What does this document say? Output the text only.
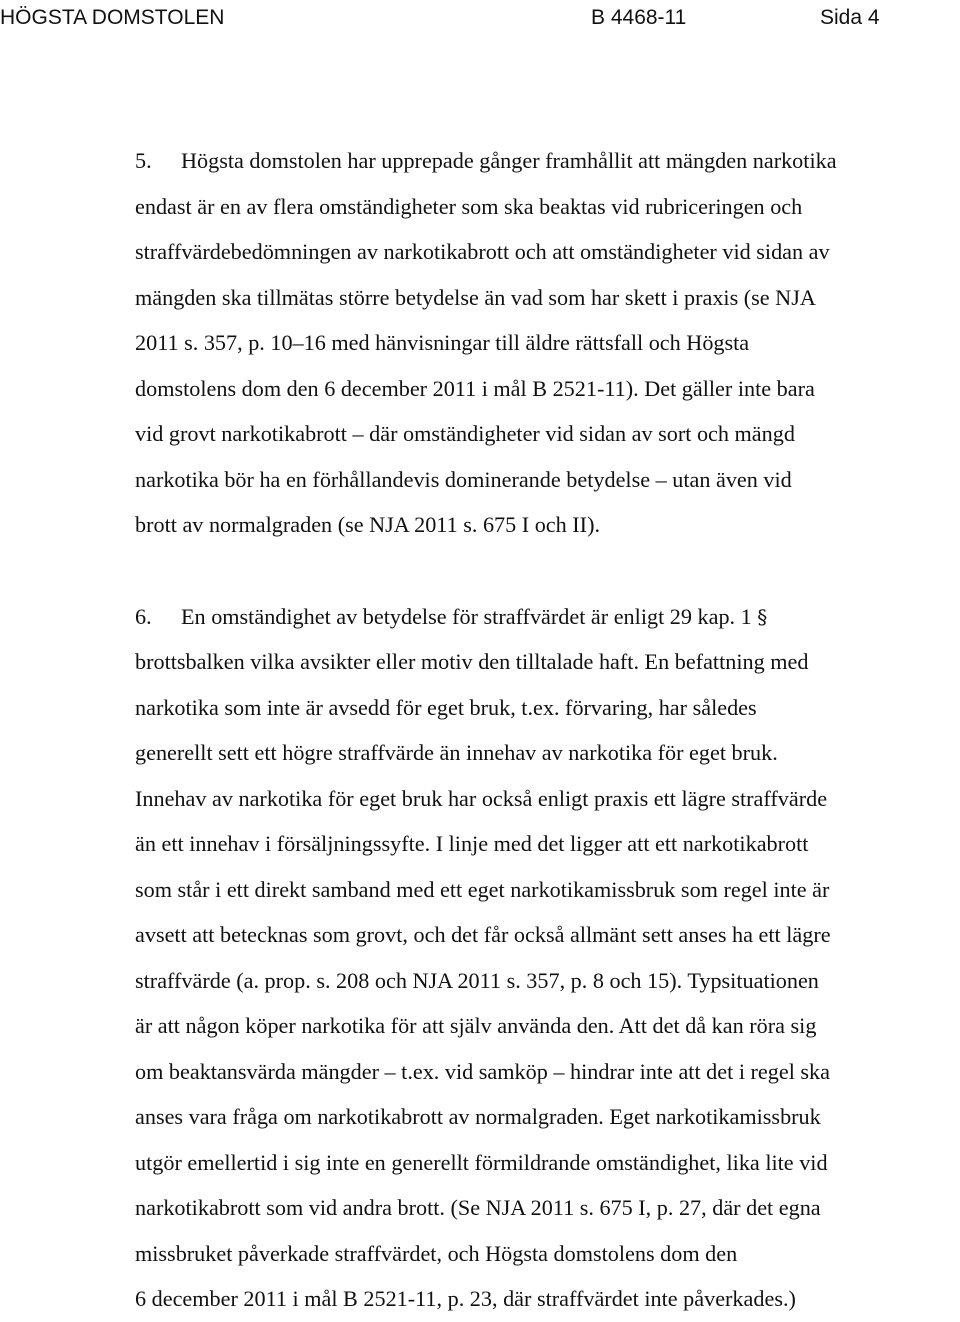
HÖGSTA DOMSTOLEN	B 4468-11	Sida 4
5. Högsta domstolen har upprepade gånger framhållit att mängden narkotika
endast är en av flera omständigheter som ska beaktas vid rubriceringen och
straffvärdebedömningen av narkotikabrott och att omständigheter vid sidan av
mängden ska tillmätas större betydelse än vad som har skett i praxis (se NJA
2011 s. 357, p. 10–16 med hänvisningar till äldre rättsfall och Högsta
domstolens dom den 6 december 2011 i mål B 2521-11). Det gäller inte bara
vid grovt narkotikabrott – där omständigheter vid sidan av sort och mängd
narkotika bör ha en förhållandevis dominerande betydelse – utan även vid
brott av normalgraden (se NJA 2011 s. 675 I och II).
6. En omständighet av betydelse för straffvärdet är enligt 29 kap. 1 §
brottsbalken vilka avsikter eller motiv den tilltalade haft. En befattning med
narkotika som inte är avsedd för eget bruk, t.ex. förvaring, har således
generellt sett ett högre straffvärde än innehav av narkotika för eget bruk.
Innehav av narkotika för eget bruk har också enligt praxis ett lägre straffvärde
än ett innehav i försäljningssyfte. I linje med det ligger att ett narkotikabrott
som står i ett direkt samband med ett eget narkotikamissbruk som regel inte är
avsett att betecknas som grovt, och det får också allmänt sett anses ha ett lägre
straffvärde (a. prop. s. 208 och NJA 2011 s. 357, p. 8 och 15). Typsituationen
är att någon köper narkotika för att själv använda den. Att det då kan röra sig
om beaktansvärda mängder – t.ex. vid samköp – hindrar inte att det i regel ska
anses vara fråga om narkotikabrott av normalgraden. Eget narkotikamissbruk
utgör emellertid i sig inte en generellt förmildrande omständighet, lika lite vid
narkotikabrott som vid andra brott. (Se NJA 2011 s. 675 I, p. 27, där det egna
missbruket påverkade straffvärdet, och Högsta domstolens dom den
6 december 2011 i mål B 2521-11, p. 23, där straffvärdet inte påverkades.)
